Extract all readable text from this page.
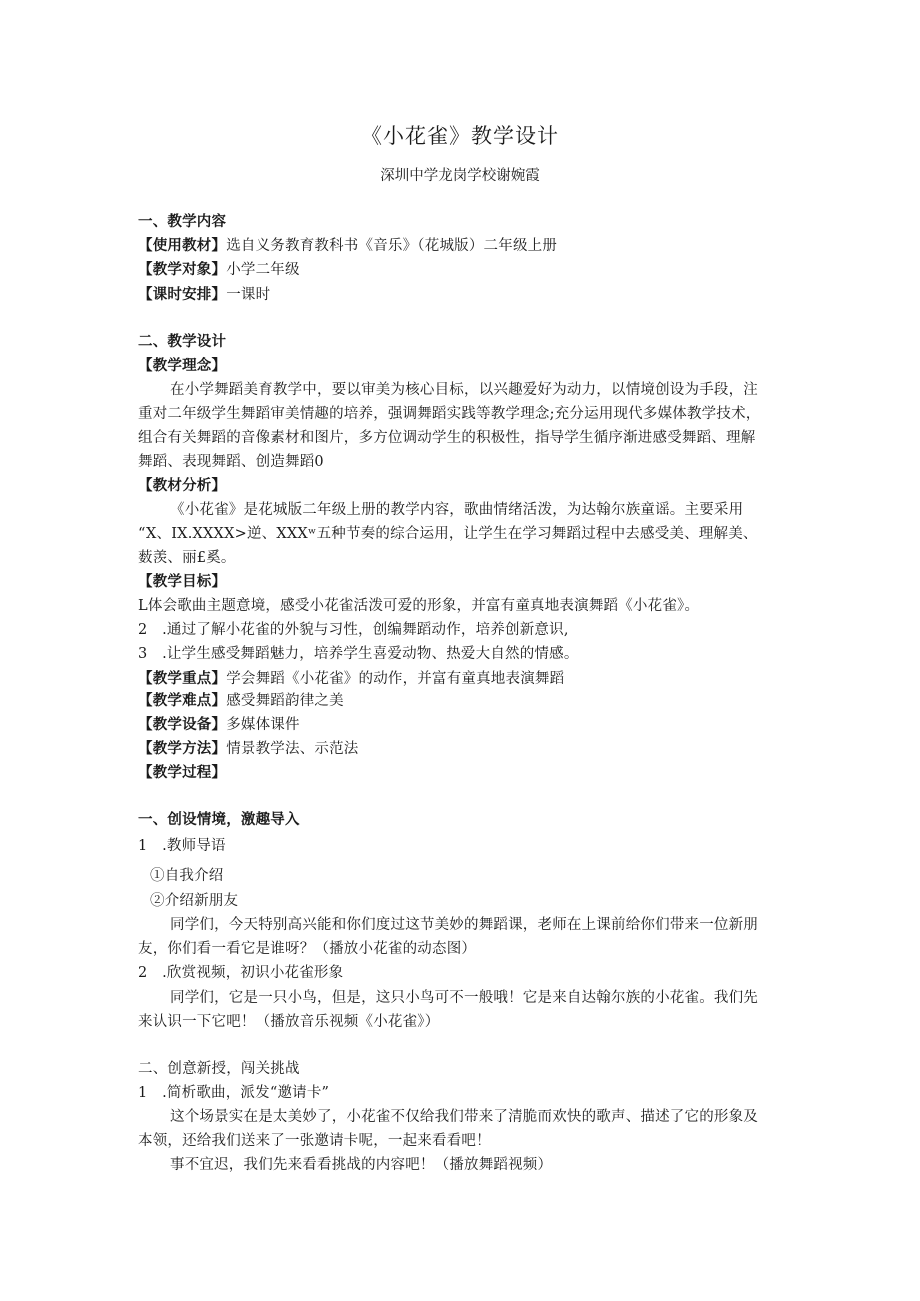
《小花雀》教学设计
深圳中学龙岗学校谢婉霞
一、教学内容
【使用教材】选自义务教育教科书《音乐》（花城版）二年级上册
【教学对象】小学二年级
【课时安排】一课时
二、教学设计
【教学理念】
在小学舞蹈美育教学中，要以审美为核心目标，以兴趣爱好为动力，以情境创设为手段，注
重对二年级学生舞蹈审美情趣的培养，强调舞蹈实践等教学理念;充分运用现代多媒体教学技术，
组合有关舞蹈的音像素材和图片，多方位调动学生的积极性，指导学生循序渐进感受舞蹈、理解
舞蹈、表现舞蹈、创造舞蹈0
【教材分析】
《小花雀》是花城版二年级上册的教学内容，歌曲情绪活泼，为达翰尔族童谣。主要采用
“X、IX.XXXX>逆、XXXʷ五种节奏的综合运用，让学生在学习舞蹈过程中去感受美、理解美、
薮羡、丽£奚。
【教学目标】
L体会歌曲主题意境，感受小花雀活泼可爱的形象，并富有童真地表演舞蹈《小花雀》。
2　.通过了解小花雀的外貌与习性，创编舞蹈动作，培养创新意识,
3　.让学生感受舞蹈魅力，培养学生喜爱动物、热爱大自然的情感。
【教学重点】学会舞蹈《小花雀》的动作，并富有童真地表演舞蹈
【教学难点】感受舞蹈韵律之美
【教学设备】多媒体课件
【教学方法】情景教学法、示范法
【教学过程】
一、创设情境，激趣导入
1　.教师导语
①自我介绍
②介绍新朋友
同学们，今天特别高兴能和你们度过这节美妙的舞蹈课，老师在上课前给你们带来一位新朋
友，你们看一看它是谁呀？（播放小花雀的动态图）
2　.欣赏视频，初识小花雀形象
同学们，它是一只小鸟，但是，这只小鸟可不一般哦！它是来自达翰尔族的小花雀。我们先
来认识一下它吧！（播放音乐视频《小花雀》）
二、创意新授，闯关挑战
1　.简析歌曲，派发“邀请卡”
这个场景实在是太美妙了，小花雀不仅给我们带来了清脆而欢快的歌声、描述了它的形象及
本领，还给我们送来了一张邀请卡呢，一起来看看吧！
事不宜迟，我们先来看看挑战的内容吧！（播放舞蹈视频）
